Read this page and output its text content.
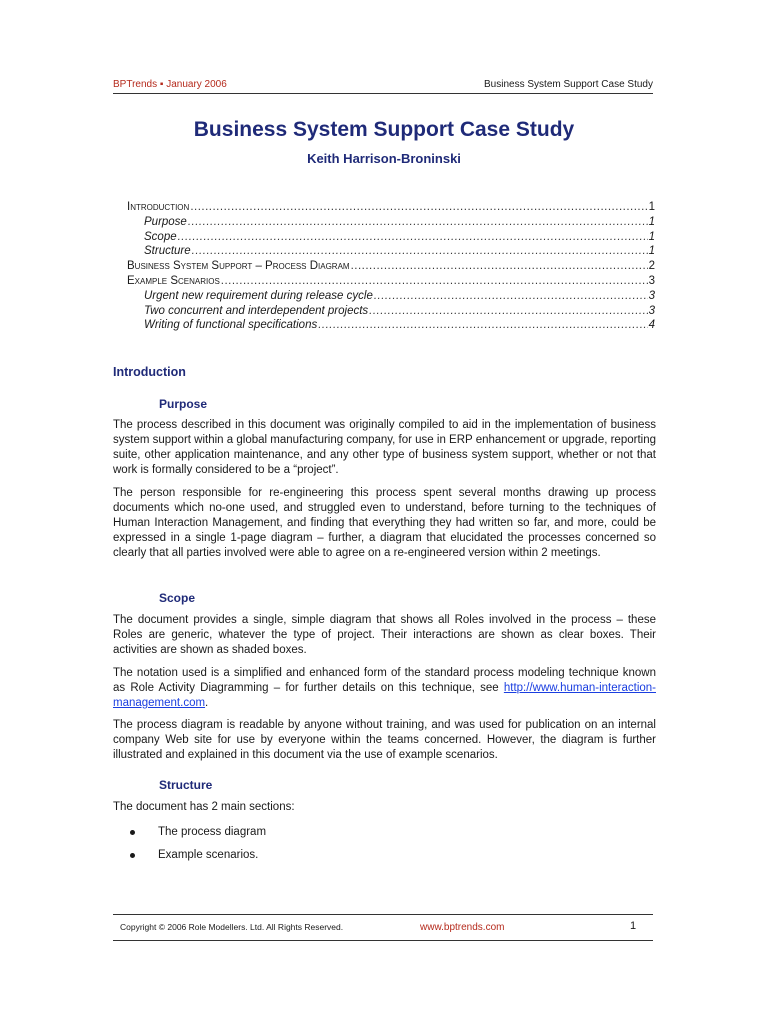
BPTrends ▪ January 2006	Business System Support Case Study
Business System Support Case Study
Keith Harrison-Broninski
Introduction .....	1
Purpose .....	1
Scope .....	1
Structure .....	1
Business System Support – Process Diagram .....	2
Example Scenarios .....	3
Urgent new requirement during release cycle .....	3
Two concurrent and interdependent projects .....	3
Writing of functional specifications .....	4
Introduction
Purpose
The process described in this document was originally compiled to aid in the implementation of business system support within a global manufacturing company, for use in ERP enhancement or upgrade, reporting suite, other application maintenance, and any other type of business system support, whether or not that work is formally considered to be a “project”.
The person responsible for re-engineering this process spent several months drawing up process documents which no-one used, and struggled even to understand, before turning to the techniques of Human Interaction Management, and finding that everything they had written so far, and more, could be expressed in a single 1-page diagram – further, a diagram that elucidated the processes concerned so clearly that all parties involved were able to agree on a re-engineered version within 2 meetings.
Scope
The document provides a single, simple diagram that shows all Roles involved in the process – these Roles are generic, whatever the type of project. Their interactions are shown as clear boxes. Their activities are shown as shaded boxes.
The notation used is a simplified and enhanced form of the standard process modeling technique known as Role Activity Diagramming – for further details on this technique, see http://www.human-interaction-management.com.
The process diagram is readable by anyone without training, and was used for publication on an internal company Web site for use by everyone within the teams concerned. However, the diagram is further illustrated and explained in this document via the use of example scenarios.
Structure
The document has 2 main sections:
The process diagram
Example scenarios.
Copyright © 2006 Role Modellers. Ltd. All Rights Reserved.	www.bptrends.com	1
